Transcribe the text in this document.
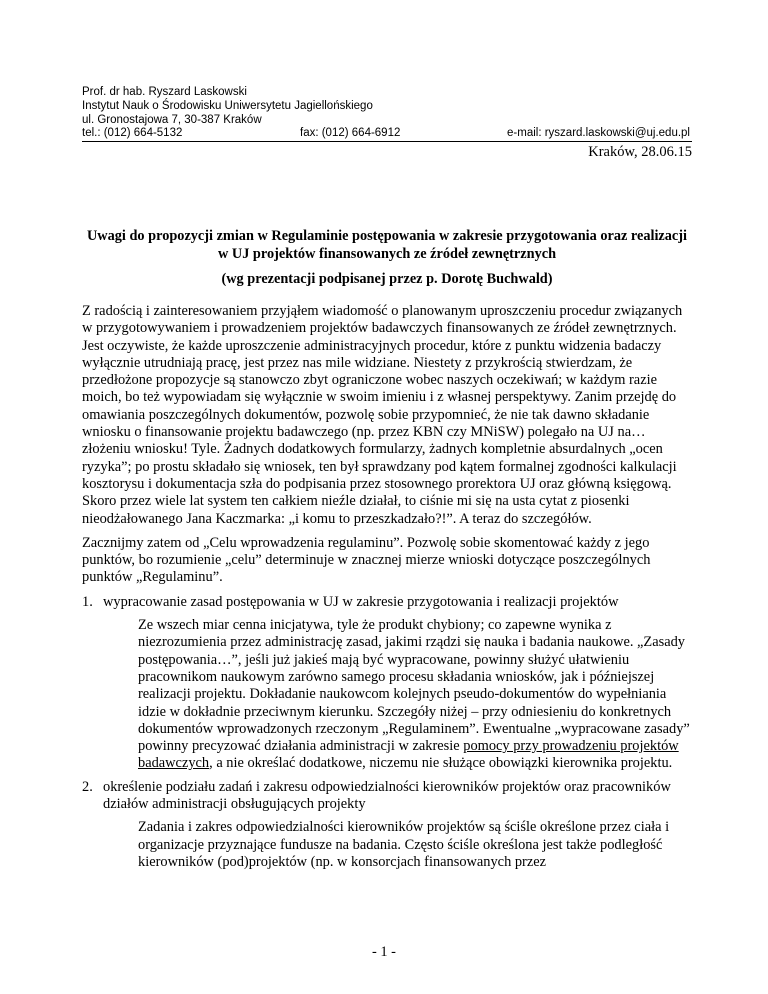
Prof. dr hab. Ryszard Laskowski
Instytut Nauk o Środowisku Uniwersytetu Jagiellońskiego
ul. Gronostajowa 7, 30-387 Kraków
tel.: (012) 664-5132	fax: (012) 664-6912	e-mail: ryszard.laskowski@uj.edu.pl
Kraków, 28.06.15
Uwagi do propozycji zmian w Regulaminie postępowania w zakresie przygotowania oraz realizacji w UJ projektów finansowanych ze źródeł zewnętrznych
(wg prezentacji podpisanej przez p. Dorotę Buchwald)

Z radością i zainteresowaniem przyjąłem wiadomość o planowanym uproszczeniu procedur związanych w przygotowywaniem i prowadzeniem projektów badawczych finansowanych ze źródeł zewnętrznych. Jest oczywiste, że każde uproszczenie administracyjnych procedur, które z punktu widzenia badaczy wyłącznie utrudniają pracę, jest przez nas mile widziane. Niestety z przykrością stwierdzam, że przedłożone propozycje są stanowczo zbyt ograniczone wobec naszych oczekiwań; w każdym razie moich, bo też wypowiadam się wyłącznie w swoim imieniu i z własnej perspektywy. Zanim przejdę do omawiania poszczególnych dokumentów, pozwolę sobie przypomnieć, że nie tak dawno składanie wniosku o finansowanie projektu badawczego (np. przez KBN czy MNiSW) polegało na UJ na… złożeniu wniosku! Tyle. Żadnych dodatkowych formularzy, żadnych kompletnie absurdalnych „ocen ryzyka”; po prostu składało się wniosek, ten był sprawdzany pod kątem formalnej zgodności kalkulacji kosztorysu i dokumentacja szła do podpisania przez stosownego prorektora UJ oraz główną księgową. Skoro przez wiele lat system ten całkiem nieźle działał, to ciśnie mi się na usta cytat z piosenki nieodżałowanego Jana Kaczmarka: „i komu to przeszkadzało?!”. A teraz do szczegółów.

Zacznijmy zatem od „Celu wprowadzenia regulaminu”. Pozwolę sobie skomentować każdy z jego punktów, bo rozumienie „celu” determinuje w znacznej mierze wnioski dotyczące poszczególnych punktów „Regulaminu”.

1. wypracowanie zasad postępowania w UJ w zakresie przygotowania i realizacji projektów
Ze wszech miar cenna inicjatywa, tyle że produkt chybiony; co zapewne wynika z niezrozumienia przez administrację zasad, jakimi rządzi się nauka i badania naukowe. „Zasady postępowania…”, jeśli już jakieś mają być wypracowane, powinny służyć ułatwieniu pracownikom naukowym zarówno samego procesu składania wniosków, jak i późniejszej realizacji projektu. Dokładanie naukowcom kolejnych pseudo-dokumentów do wypełniania idzie w dokładnie przeciwnym kierunku. Szczegóły niżej – przy odniesieniu do konkretnych dokumentów wprowadzonych rzeczonym „Regulaminem”. Ewentualne „wypracowane zasady” powinny precyzować działania administracji w zakresie pomocy przy prowadzeniu projektów badawczych, a nie określać dodatkowe, niczemu nie służące obowiązki kierownika projektu.
2. określenie podziału zadań i zakresu odpowiedzialności kierowników projektów oraz pracowników działów administracji obsługujących projekty
Zadania i zakres odpowiedzialności kierowników projektów są ściśle określone przez ciała i organizacje przyznające fundusze na badania. Często ściśle określona jest także podległość kierowników (pod)projektów (np. w konsorcjach finansowanych przez
- 1 -
